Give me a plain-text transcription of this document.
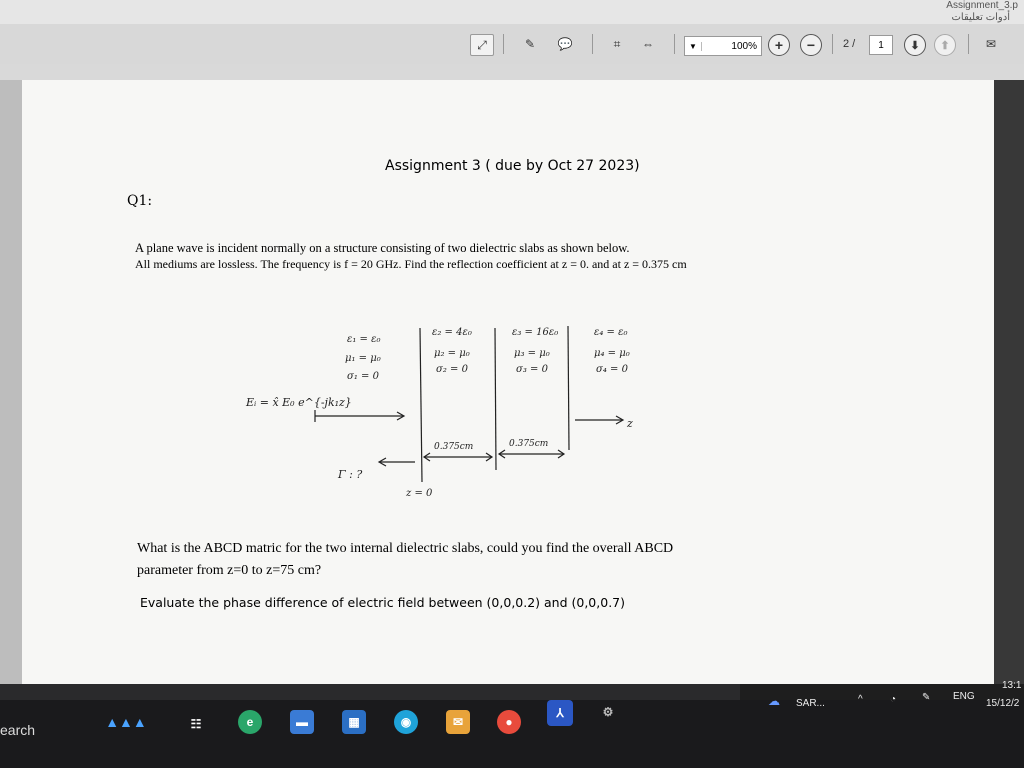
Assignment_3.p
أدوات تعليقات
⤢	✎ 💬	⌗ ⇔	▼	100% + −	2 /	1	⬇ ⬆	✉
Assignment 3 ( due by Oct 27 2023)
Q1:
A plane wave is incident normally on a structure consisting of two dielectric slabs as shown below.
All mediums are lossless. The frequency is f = 20 GHz. Find the reflection coefficient at z = 0. and at z = 0.375 cm
ε₁ = ε₀
μ₁ = μ₀
σ₁ = 0
ε₂ = 4ε₀
μ₂ = μ₀
σ₂ = 0
ε₃ = 16ε₀
μ₃ = μ₀
σ₃ = 0
ε₄ = ε₀
μ₄ = μ₀
σ₄ = 0
Eᵢ = x̂ E₀ e^{-jk₁z}
Γ : ?
z
z = 0
0.375cm	0.375cm
What is the ABCD matric for the two internal dielectric slabs, could you find the overall ABCD
parameter from z=0 to z=75 cm?
Evaluate the phase difference of electric field between (0,0,0.2) and (0,0,0.7)
earch	▲▲▲	☷	e	▬	▦	◉	✉	●
⅄	⚙
☁ SAR...	^	◔	✎ ENG
13:1
15/12/2
